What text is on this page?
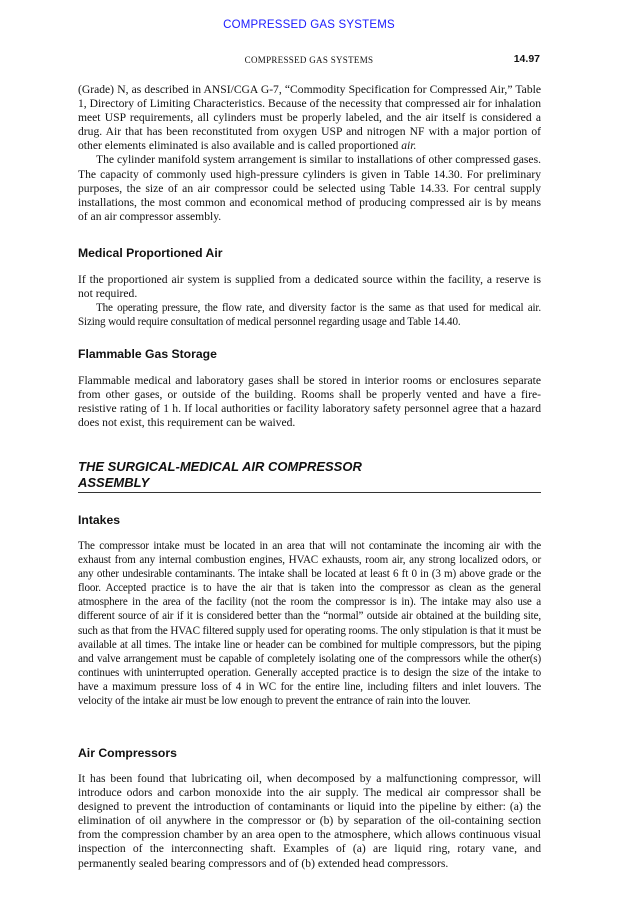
COMPRESSED GAS SYSTEMS
COMPRESSED GAS SYSTEMS	14.97

(Grade) N, as described in ANSI/CGA G-7, “Commodity Specification for Compressed Air,” Table 1, Directory of Limiting Characteristics. Because of the necessity that compressed air for inhalation meet USP requirements, all cylinders must be properly labeled, and the air itself is considered a drug. Air that has been reconstituted from oxygen USP and nitrogen NF with a major portion of other elements eliminated is also available and is called proportioned air.

The cylinder manifold system arrangement is similar to installations of other compressed gases. The capacity of commonly used high-pressure cylinders is given in Table 14.30. For preliminary purposes, the size of an air compressor could be selected using Table 14.33. For central supply installations, the most common and economical method of producing compressed air is by means of an air compressor assembly.

Medical Proportioned Air

If the proportioned air system is supplied from a dedicated source within the facility, a reserve is not required.

The operating pressure, the flow rate, and diversity factor is the same as that used for medical air. Sizing would require consultation of medical personnel regarding usage and Table 14.40.

Flammable Gas Storage

Flammable medical and laboratory gases shall be stored in interior rooms or enclosures separate from other gases, or outside of the building. Rooms shall be properly vented and have a fire-resistive rating of 1 h. If local authorities or facility laboratory safety personnel agree that a hazard does not exist, this requirement can be waived.

THE SURGICAL-MEDICAL AIR COMPRESSOR
ASSEMBLY
Intakes

The compressor intake must be located in an area that will not contaminate the incoming air with the exhaust from any internal combustion engines, HVAC exhausts, room air, any strong localized odors, or any other undesirable contaminants. The intake shall be located at least 6 ft 0 in (3 m) above grade or the floor. Accepted practice is to have the air that is taken into the compressor as clean as the general atmosphere in the area of the facility (not the room the compressor is in). The intake may also use a different source of air if it is considered better than the “normal” outside air obtained at the building site, such as that from the HVAC filtered supply used for operating rooms. The only stipulation is that it must be available at all times. The intake line or header can be combined for multiple compressors, but the piping and valve arrangement must be capable of completely isolating one of the compressors while the other(s) continues with uninterrupted operation. Generally accepted practice is to design the size of the intake to have a maximum pressure loss of 4 in WC for the entire line, including filters and inlet louvers. The velocity of the intake air must be low enough to prevent the entrance of rain into the louver.

Air Compressors

It has been found that lubricating oil, when decomposed by a malfunctioning compressor, will introduce odors and carbon monoxide into the air supply. The medical air compressor shall be designed to prevent the introduction of contaminants or liquid into the pipeline by either: (a) the elimination of oil anywhere in the compressor or (b) by separation of the oil-containing section from the compression chamber by an area open to the atmosphere, which allows continuous visual inspection of the interconnecting shaft. Examples of (a) are liquid ring, rotary vane, and permanently sealed bearing compressors and of (b) extended head compressors.
